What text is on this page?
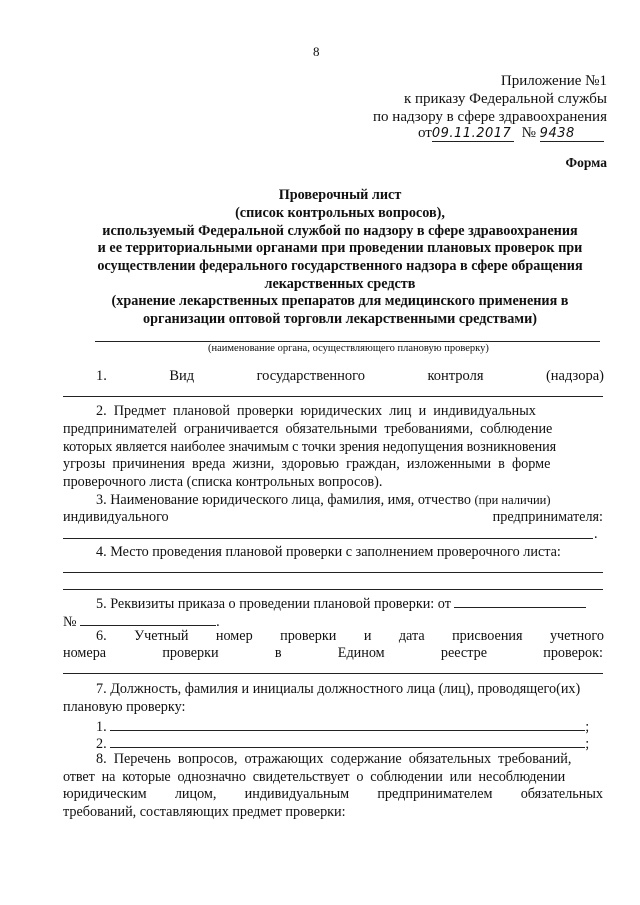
8
Приложение №1
к приказу Федеральной службы
по надзору в сфере здравоохранения
от09.11.2017 № 9438
Форма
Проверочный лист
(список контрольных вопросов),
используемый Федеральной службой по надзору в сфере здравоохранения
и ее территориальными органами при проведении плановых проверок при
осуществлении федерального государственного надзора в сфере обращения
лекарственных средств
(хранение лекарственных препаратов для медицинского применения в
организации оптовой торговли лекарственными средствами)
(наименование органа, осуществляющего плановую проверку)
1.	Вид	государственного	контроля	(надзора)
2.  Предмет  плановой  проверки  юридических  лиц  и  индивидуальных
предпринимателей  ограничивается  обязательными  требованиями,  соблюдение
которых является наиболее значимым с точки зрения недопущения возникновения
угрозы  причинения  вреда  жизни,  здоровью  граждан,  изложенными  в  форме
проверочного листа (списка контрольных вопросов).
3. Наименование юридического лица, фамилия, имя, отчество (при наличии)
индивидуального	предпринимателя:
.
4. Место проведения плановой проверки с заполнением проверочного листа:
5. Реквизиты приказа о проведении плановой проверки: от
№	.
6. Учетный номер проверки и дата присвоения учетного
номера	проверки	в	Едином	реестре	проверок:
7. Должность, фамилия и инициалы должностного лица (лиц), проводящего(их)
плановую проверку:
1.	;
2.	;
8.  Перечень  вопросов,  отражающих  содержание  обязательных  требований,
ответ  на  которые  однозначно  свидетельствует  о  соблюдении  или  несоблюдении
юридическим лицом, индивидуальным предпринимателем обязательных
требований, составляющих предмет проверки:
